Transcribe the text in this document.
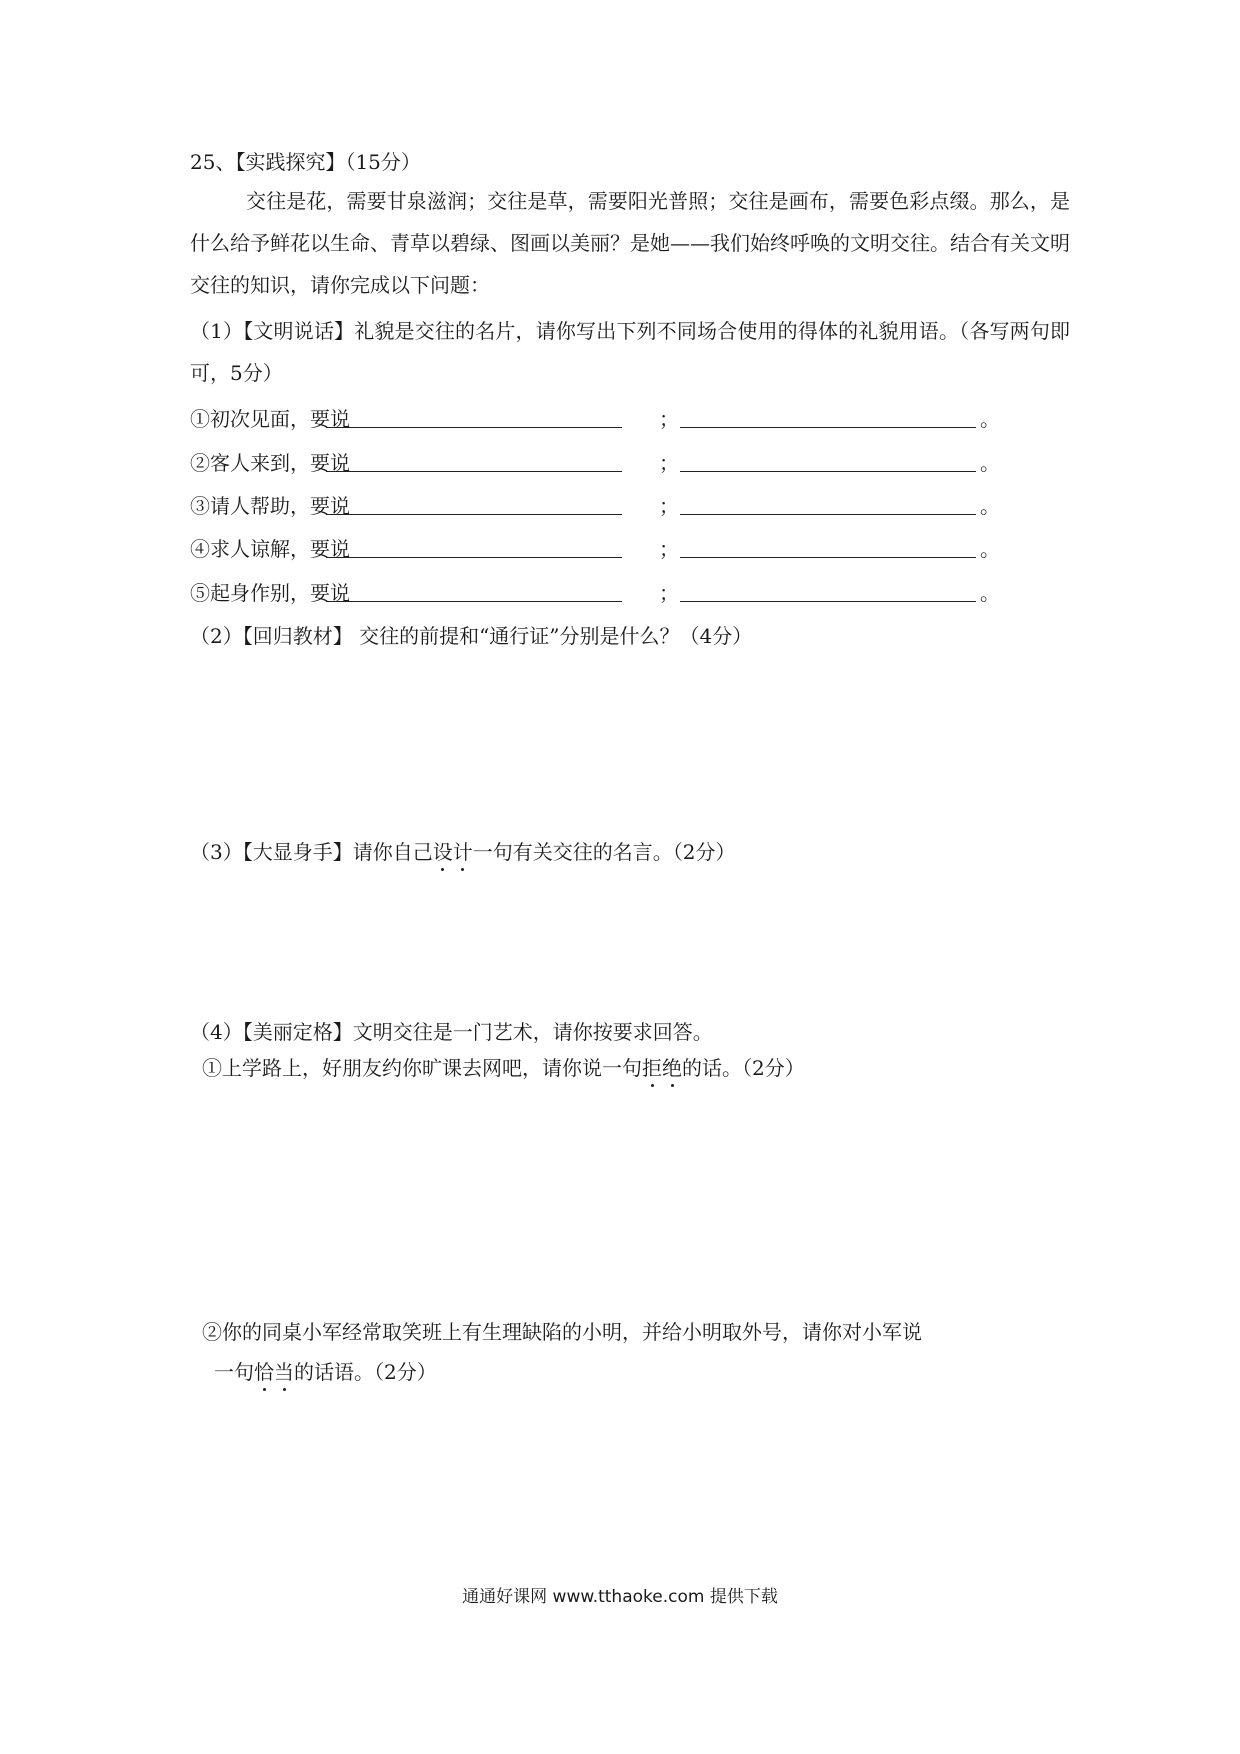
25、【实践探究】（15分）
交往是花，需要甘泉滋润；交往是草，需要阳光普照；交往是画布，需要色彩点缀。那么，是什么给予鲜花以生命、青草以碧绿、图画以美丽？是她——我们始终呼唤的文明交往。结合有关文明交往的知识，请你完成以下问题：
（1）【文明说话】礼貌是交往的名片，请你写出下列不同场合使用的得体的礼貌用语。（各写两句即可，5分）
①初次见面，要说	；	。
②客人来到，要说	；	。
③请人帮助，要说	；	。
④求人谅解，要说	；	。
⑤起身作别，要说	；	。
（2）【回归教材】 交往的前提和“通行证”分别是什么？（4分）
（3）【大显身手】请你自己设计一句有关交往的名言。（2分）
（4）【美丽定格】文明交往是一门艺术，请你按要求回答。
①上学路上，好朋友约你旷课去网吧，请你说一句拒绝的话。（2分）
②你的同桌小军经常取笑班上有生理缺陷的小明，并给小明取外号，请你对小军说
一句恰当的话语。（2分）
通通好课网 www.tthaoke.com 提供下载
